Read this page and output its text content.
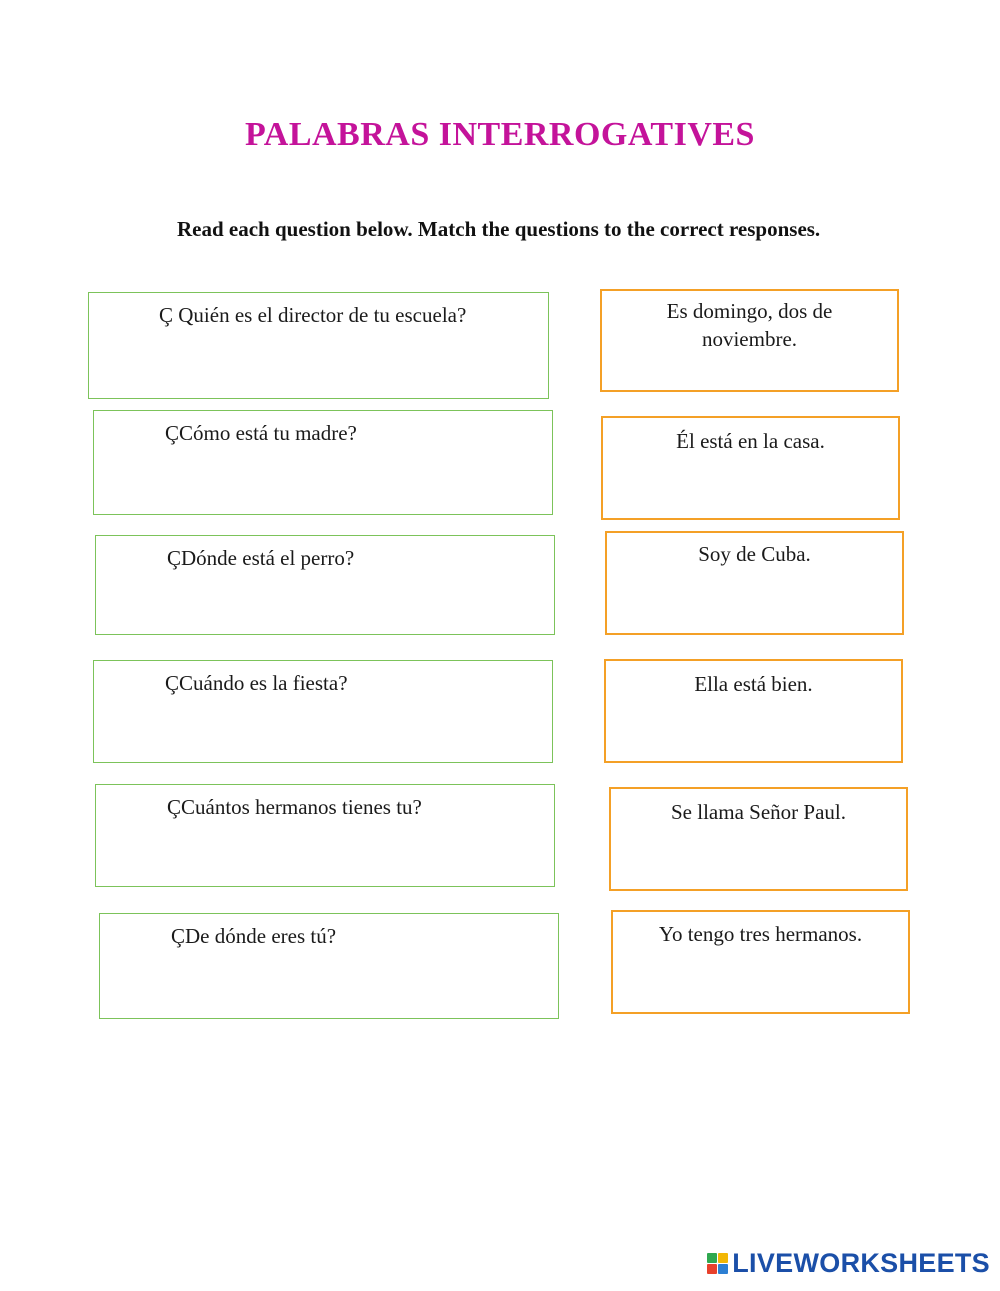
PALABRAS INTERROGATIVES
Read each question below. Match the questions to the correct responses.
Ç Quién es el director de tu escuela?
ÇCómo está tu madre?
ÇDónde está el perro?
ÇCuándo es la fiesta?
ÇCuántos hermanos tienes tu?
ÇDe dónde eres tú?
Es domingo, dos de noviembre.
Él está en la casa.
Soy de Cuba.
Ella está bien.
Se llama Señor Paul.
Yo tengo tres hermanos.
LIVEWORKSHEETS
